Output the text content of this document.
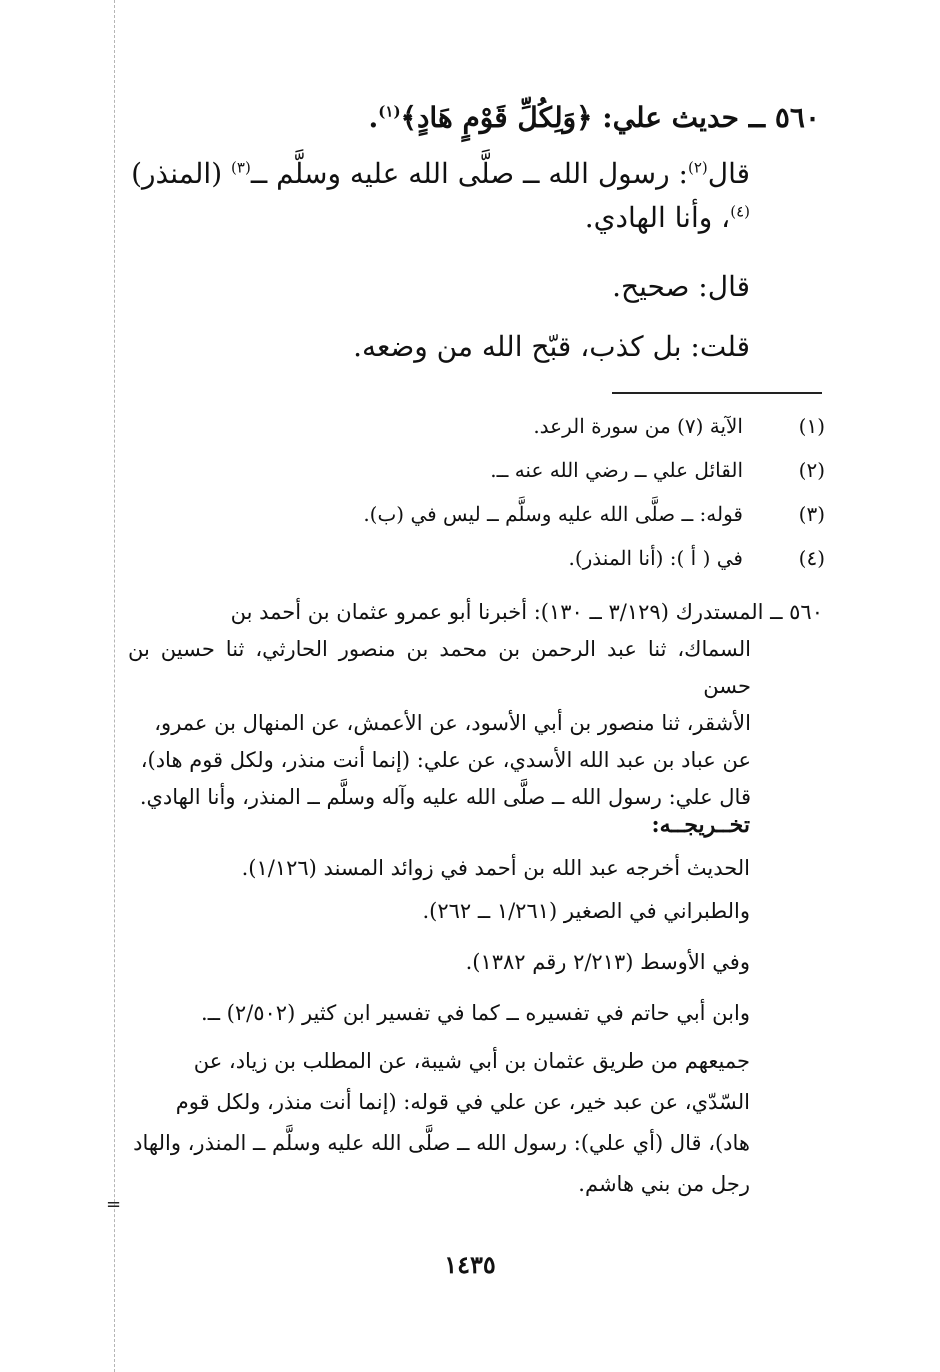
=

٥٦٠ ــ حديث علي: ﴿وَلِكُلِّ قَوْمٍ هَادٍ﴾$^{(١)}$.

قال$^{(٢)}$: رسول الله ــ صلَّى الله عليه وسلَّم ــ$^{(٣)}$ (المنذر)$^{(٤)}$، وأنا الهادي.

قال: صحيح.

قلت: بل كذب، قبّح الله من وضعه.

(١)
الآية (٧) من سورة الرعد.
(٢)
القائل علي ــ رضي الله عنه ــ.
(٣)
قوله: ــ صلَّى الله عليه وسلَّم ــ ليس في (ب).
(٤)
في ( أ ): (أنا المنذر).

٥٦٠ ــ المستدرك (٣/١٢٩ ــ ١٣٠): أخبرنا أبو عمرو عثمان بن أحمد بن

السماك، ثنا عبد الرحمن بن محمد بن منصور الحارثي، ثنا حسين بن حسن

الأشقر، ثنا منصور بن أبي الأسود، عن الأعمش، عن المنهال بن عمرو،

عن عباد بن عبد الله الأسدي، عن علي: (إنما أنت منذر، ولكل قوم هاد)،

قال علي: رسول الله ــ صلَّى الله عليه وآله وسلَّم ــ المنذر، وأنا الهادي.

تخــريجــه:

الحديث أخرجه عبد الله بن أحمد في زوائد المسند (١/١٢٦).

والطبراني في الصغير (١/٢٦١ ــ ٢٦٢).

وفي الأوسط (٢/٢١٣ رقم ١٣٨٢).

وابن أبي حاتم في تفسيره ــ كما في تفسير ابن كثير (٢/٥٠٢) ــ.

جميعهم من طريق عثمان بن أبي شيبة، عن المطلب بن زياد، عن

السّدّي، عن عبد خير، عن علي في قوله: (إنما أنت منذر، ولكل قوم

هاد)، قال (أي علي): رسول الله ــ صلَّى الله عليه وسلَّم ــ المنذر، والهاد

رجل من بني هاشم.

١٤٣٥
